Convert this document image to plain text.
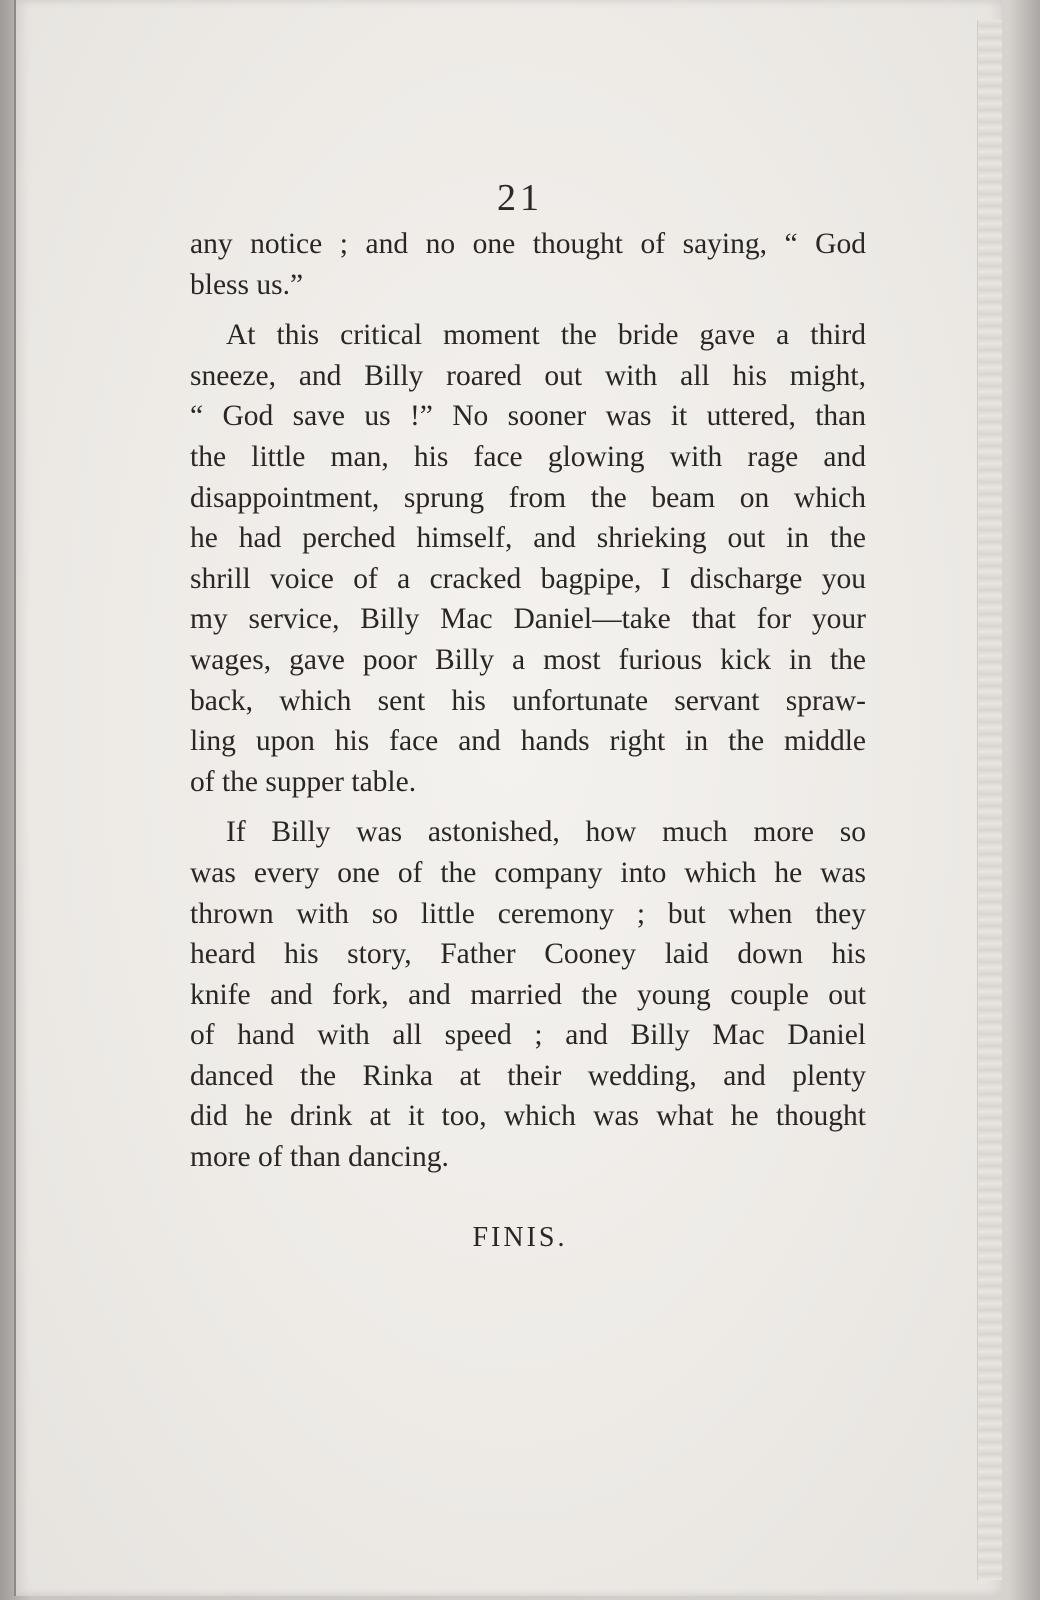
21
any notice ; and no one thought of saying, “ God
bless us.”
At this critical moment the bride gave a third
sneeze, and Billy roared out with all his might,
“ God save us !” No sooner was it uttered, than
the little man, his face glowing with rage and
disappointment, sprung from the beam on which
he had perched himself, and shrieking out in the
shrill voice of a cracked bagpipe, I discharge you
my service, Billy Mac Daniel—take that for your
wages, gave poor Billy a most furious kick in the
back, which sent his unfortunate servant spraw-
ling upon his face and hands right in the middle
of the supper table.
If Billy was astonished, how much more so
was every one of the company into which he was
thrown with so little ceremony ; but when they
heard his story, Father Cooney laid down his
knife and fork, and married the young couple out
of hand with all speed ; and Billy Mac Daniel
danced the Rinka at their wedding, and plenty
did he drink at it too, which was what he thought
more of than dancing.
FINIS.
